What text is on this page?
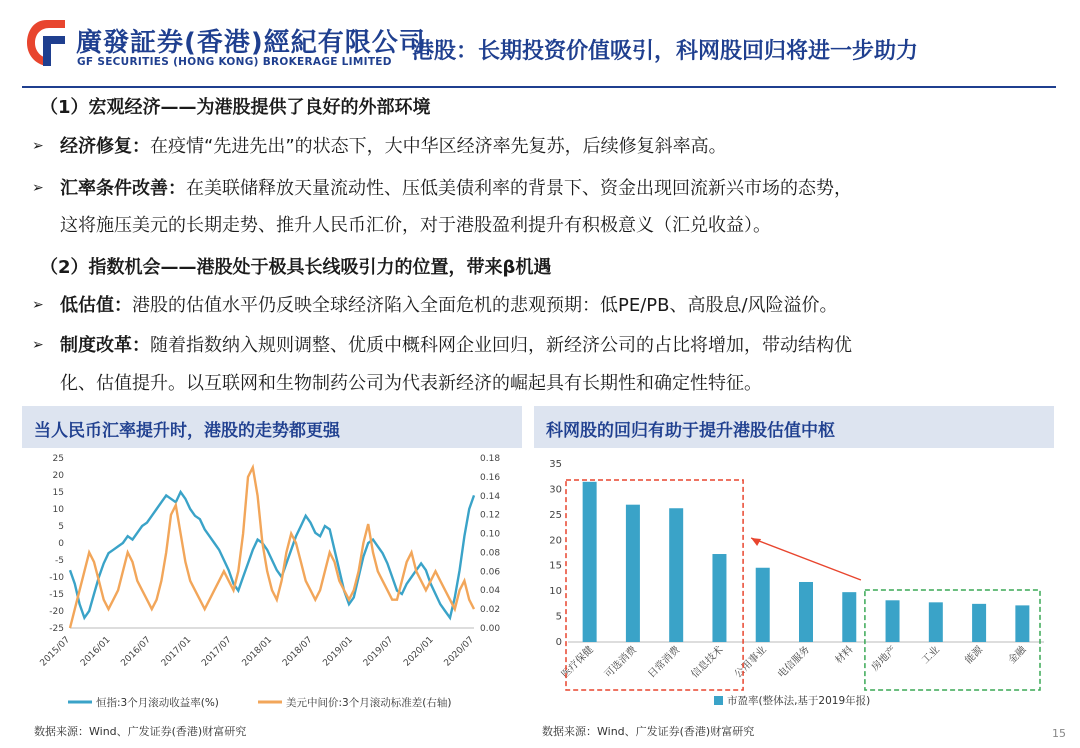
廣發証券(香港)經紀有限公司
GF SECURITIES (HONG KONG) BROKERAGE LIMITED 港股：长期投资价值吸引，科网股回归将进一步助力
（1）宏观经济——为港股提供了良好的外部环境
➢ 经济修复：在疫情“先进先出”的状态下，大中华区经济率先复苏，后续修复斜率高。
➢ 汇率条件改善：在美联储释放天量流动性、压低美债利率的背景下、资金出现回流新兴市场的态势，
这将施压美元的长期走势、推升人民币汇价，对于港股盈利提升有积极意义（汇兑收益）。
（2）指数机会——港股处于极具长线吸引力的位置，带来β机遇
➢ 低估值：港股的估值水平仍反映全球经济陷入全面危机的悲观预期：低PE/PB、高股息/风险溢价。
➢ 制度改革：随着指数纳入规则调整、优质中概科网企业回归，新经济公司的占比将增加，带动结构优
化、估值提升。以互联网和生物制药公司为代表新经济的崛起具有长期性和确定性特征。
当人民币汇率提升时，港股的走势都更强
25
20
15
10
5
0
-5
-10
-15
-20
-25
0.18
0.16
0.14
0.12
0.10
0.08
0.06
0.04
0.02
0.00
2015/07 2016/01 2016/07 2017/01 2017/07 2018/01 2018/07 2019/01 2019/07 2020/01 2020/07
恒指:3个月滚动收益率(%)	美元中间价:3个月滚动标准差(右轴)
数据来源：Wind、广发证券(香港)财富研究
科网股的回归有助于提升港股估值中枢
35
30
25
20
15
10
5
0
医疗保健 可选消费 日常消费 信息技术 公用事业 电信服务 材料 房地产 工业 能源 金融
市盈率(整体法,基于2019年报)
数据来源：Wind、广发证券(香港)财富研究	15
